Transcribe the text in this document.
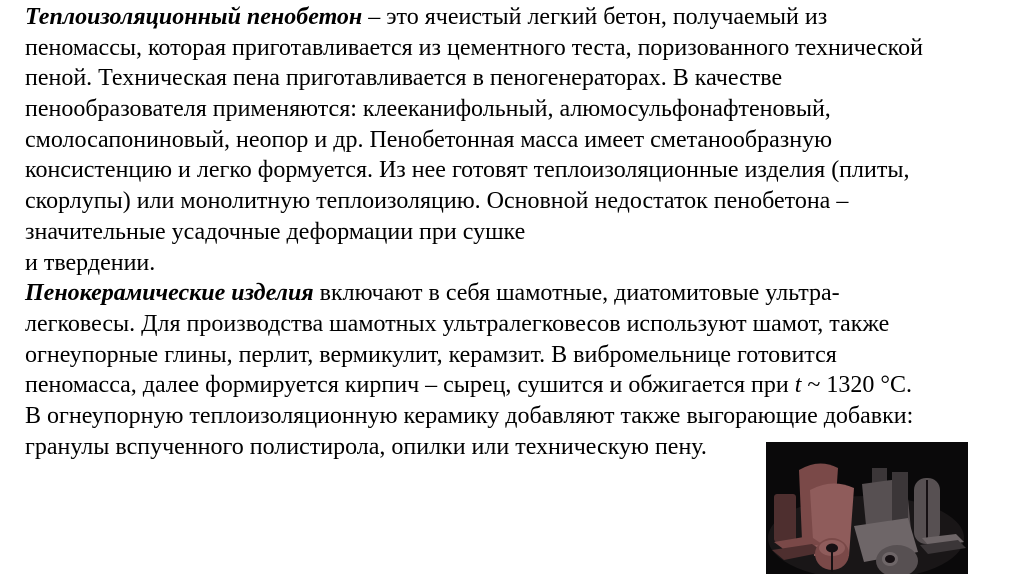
Теплоизоляционный пенобетон – это ячеистый легкий бетон, получаемый из
пеномассы, которая приготавливается из цементного теста, поризованного технической
пеной. Техническая пена приготавливается в пеногенераторах. В качестве
пенообразователя применяются: клееканифольный, алюмосульфонафтеновый,
смолосапониновый, неопор и др. Пенобетонная масса имеет сметанообразную
консистенцию и легко формуется. Из нее готовят теплоизоляционные изделия (плиты,
скорлупы) или монолитную теплоизоляцию. Основной недостаток пенобетона –
значительные усадочные деформации при сушке
и твердении.
Пенокерамические изделия включают в себя шамотные, диатомитовые ультра-
легковесы. Для производства шамотных ультралегковесов используют шамот, также
огнеупорные глины, перлит, вермикулит, керамзит. В вибромельнице готовится
пеномасса, далее формируется кирпич – сырец, сушится и обжигается при t ~ 1320 °С.
В огнеупорную теплоизоляционную керамику добавляют также выгорающие добавки:
гранулы вспученного полистирола, опилки или техническую пену.
